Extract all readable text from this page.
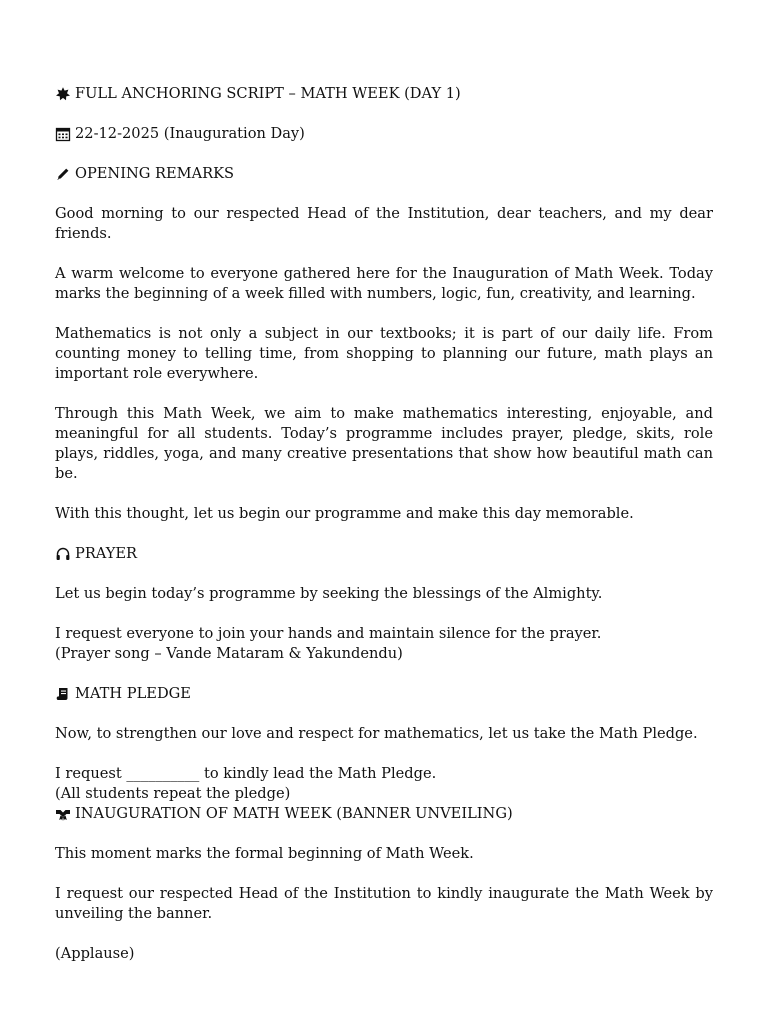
FULL ANCHORING SCRIPT – MATH WEEK (DAY 1)
22-12-2025 (Inauguration Day)
OPENING REMARKS

Good morning to our respected Head of the Institution, dear teachers, and my dear friends.

A warm welcome to everyone gathered here for the Inauguration of Math Week. Today marks the beginning of a week filled with numbers, logic, fun, creativity, and learning.

Mathematics is not only a subject in our textbooks; it is part of our daily life. From counting money to telling time, from shopping to planning our future, math plays an important role everywhere.

Through this Math Week, we aim to make mathematics interesting, enjoyable, and meaningful for all students. Today’s programme includes prayer, pledge, skits, role plays, riddles, yoga, and many creative presentations that show how beautiful math can be.

With this thought, let us begin our programme and make this day memorable.

PRAYER

Let us begin today’s programme by seeking the blessings of the Almighty.

I request everyone to join your hands and maintain silence for the prayer.

(Prayer song – Vande Mataram & Yakundendu)

MATH PLEDGE

Now, to strengthen our love and respect for mathematics, let us take the Math Pledge.

I request __________ to kindly lead the Math Pledge.

(All students repeat the pledge)

INAUGURATION OF MATH WEEK (BANNER UNVEILING)

This moment marks the formal beginning of Math Week.

I request our respected Head of the Institution to kindly inaugurate the Math Week by unveiling the banner.

(Applause)
